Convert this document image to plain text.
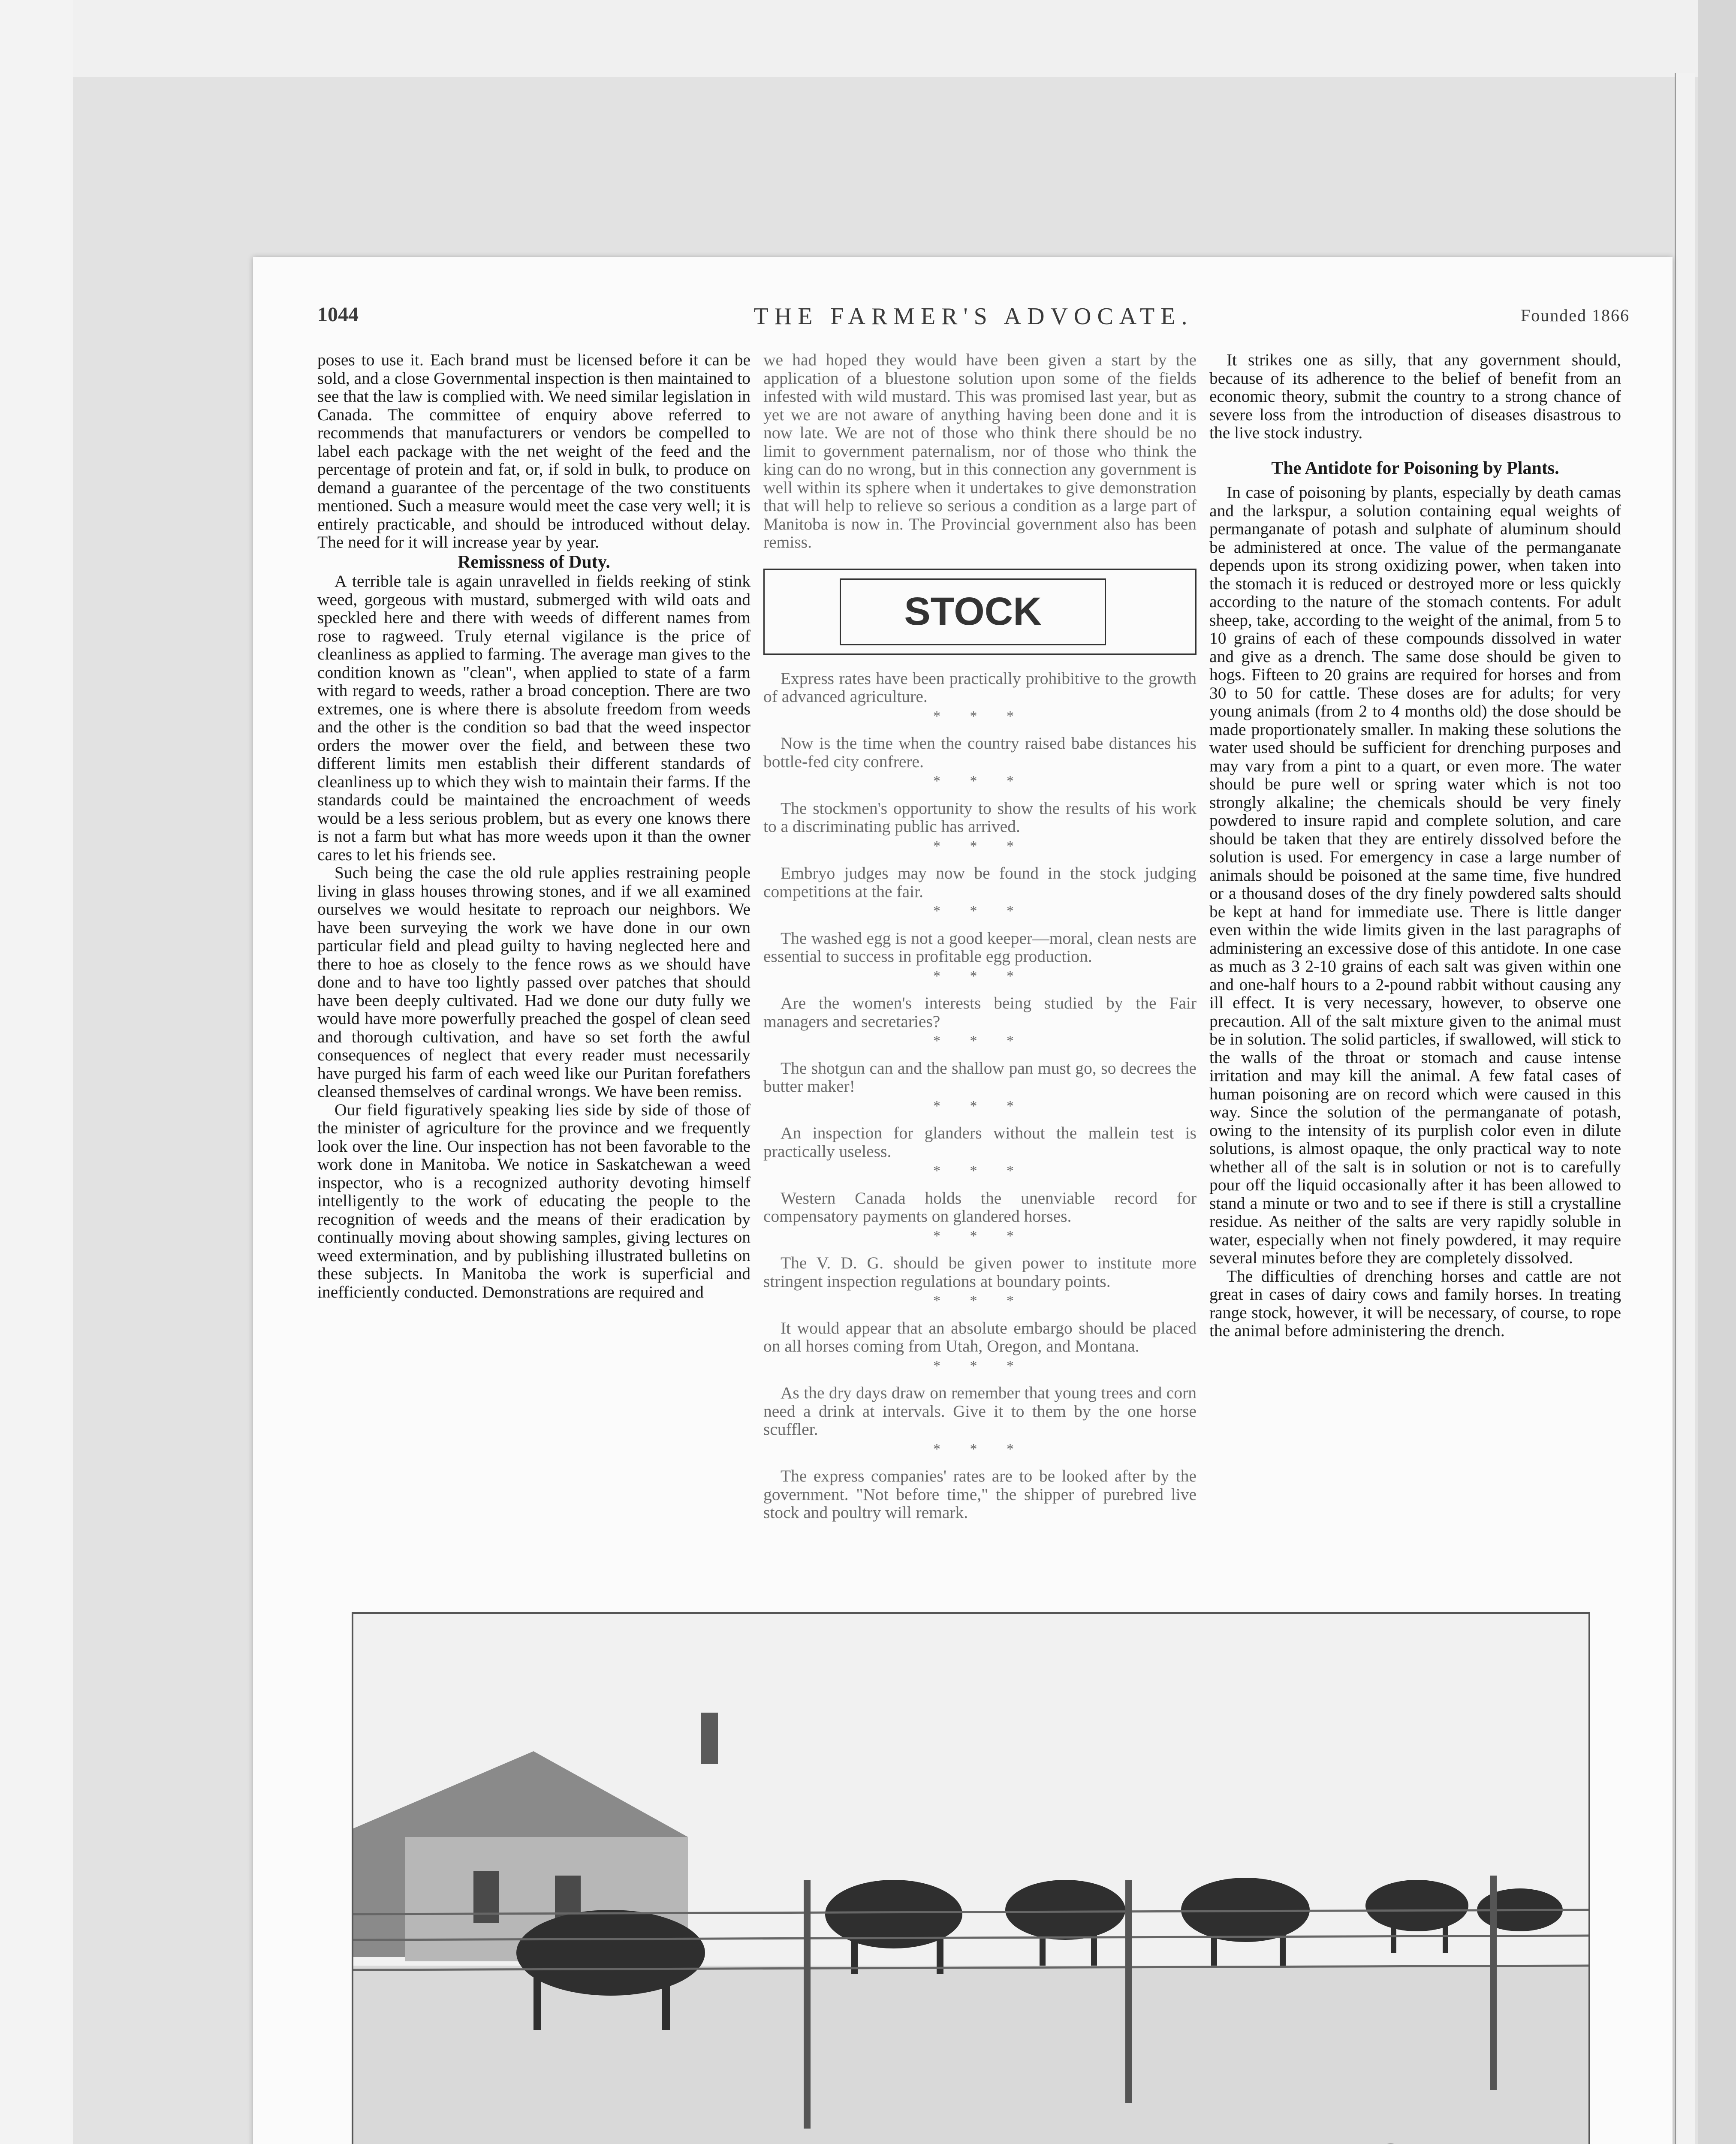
1044	THE FARMER'S ADVOCATE.	Founded 1866

poses to use it. Each brand must be licensed before it can be sold, and a close Governmental inspection is then maintained to see that the law is complied with. We need similar legislation in Canada. The committee of enquiry above referred to recommends that manufacturers or vendors be compelled to label each package with the net weight of the feed and the percentage of protein and fat, or, if sold in bulk, to produce on demand a guarantee of the percentage of the two constituents mentioned. Such a measure would meet the case very well; it is entirely practicable, and should be introduced without delay. The need for it will increase year by year.

Remissness of Duty.

A terrible tale is again unravelled in fields reeking of stink weed, gorgeous with mustard, submerged with wild oats and speckled here and there with weeds of different names from rose to ragweed. Truly eternal vigilance is the price of cleanliness as applied to farming. The average man gives to the condition known as "clean", when applied to state of a farm with regard to weeds, rather a broad conception. There are two extremes, one is where there is absolute freedom from weeds and the other is the condition so bad that the weed inspector orders the mower over the field, and between these two different limits men establish their different standards of cleanliness up to which they wish to maintain their farms. If the standards could be maintained the encroachment of weeds would be a less serious problem, but as every one knows there is not a farm but what has more weeds upon it than the owner cares to let his friends see.

Such being the case the old rule applies restraining people living in glass houses throwing stones, and if we all examined ourselves we would hesitate to reproach our neighbors. We have been surveying the work we have done in our own particular field and plead guilty to having neglected here and there to hoe as closely to the fence rows as we should have done and to have too lightly passed over patches that should have been deeply cultivated. Had we done our duty fully we would have more powerfully preached the gospel of clean seed and thorough cultivation, and have so set forth the awful consequences of neglect that every reader must necessarily have purged his farm of each weed like our Puritan forefathers cleansed themselves of cardinal wrongs. We have been remiss.

Our field figuratively speaking lies side by side of those of the minister of agriculture for the province and we frequently look over the line. Our inspection has not been favorable to the work done in Manitoba. We notice in Saskatchewan a weed inspector, who is a recognized authority devoting himself intelligently to the work of educating the people to the recognition of weeds and the means of their eradication by continually moving about showing samples, giving lectures on weed extermination, and by publishing illustrated bulletins on these subjects. In Manitoba the work is superficial and inefficiently conducted. Demonstrations are required and

we had hoped they would have been given a start by the application of a bluestone solution upon some of the fields infested with wild mustard. This was promised last year, but as yet we are not aware of anything having been done and it is now late. We are not of those who think there should be no limit to government paternalism, nor of those who think the king can do no wrong, but in this connection any government is well within its sphere when it undertakes to give demonstration that will help to relieve so serious a condition as a large part of Manitoba is now in. The Provincial government also has been remiss.

STOCK

Express rates have been practically prohibitive to the growth of advanced agriculture.

* * *

Now is the time when the country raised babe distances his bottle-fed city confrere.

* * *

The stockmen's opportunity to show the results of his work to a discriminating public has arrived.

* * *

Embryo judges may now be found in the stock judging competitions at the fair.

* * *

The washed egg is not a good keeper—moral, clean nests are essential to success in profitable egg production.

* * *

Are the women's interests being studied by the Fair managers and secretaries?

* * *

The shotgun can and the shallow pan must go, so decrees the butter maker!

* * *

An inspection for glanders without the mallein test is practically useless.

* * *

Western Canada holds the unenviable record for compensatory payments on glandered horses.

* * *

The V. D. G. should be given power to institute more stringent inspection regulations at boundary points.

* * *

It would appear that an absolute embargo should be placed on all horses coming from Utah, Oregon, and Montana.

* * *

As the dry days draw on remember that young trees and corn need a drink at intervals. Give it to them by the one horse scuffler.

* * *

The express companies' rates are to be looked after by the government. "Not before time," the shipper of purebred live stock and poultry will remark.

It strikes one as silly, that any government should, because of its adherence to the belief of benefit from an economic theory, submit the country to a strong chance of severe loss from the introduction of diseases disastrous to the live stock industry.

The Antidote for Poisoning by Plants.

In case of poisoning by plants, especially by death camas and the larkspur, a solution containing equal weights of permanganate of potash and sulphate of aluminum should be administered at once. The value of the permanganate depends upon its strong oxidizing power, when taken into the stomach it is reduced or destroyed more or less quickly according to the nature of the stomach contents. For adult sheep, take, according to the weight of the animal, from 5 to 10 grains of each of these compounds dissolved in water and give as a drench. The same dose should be given to hogs. Fifteen to 20 grains are required for horses and from 30 to 50 for cattle. These doses are for adults; for very young animals (from 2 to 4 months old) the dose should be made proportionately smaller. In making these solutions the water used should be sufficient for drenching purposes and may vary from a pint to a quart, or even more. The water should be pure well or spring water which is not too strongly alkaline; the chemicals should be very finely powdered to insure rapid and complete solution, and care should be taken that they are entirely dissolved before the solution is used. For emergency in case a large number of animals should be poisoned at the same time, five hundred or a thousand doses of the dry finely powdered salts should be kept at hand for immediate use. There is little danger even within the wide limits given in the last paragraphs of administering an excessive dose of this antidote. In one case as much as 3 2-10 grains of each salt was given within one and one-half hours to a 2-pound rabbit without causing any ill effect. It is very necessary, however, to observe one precaution. All of the salt mixture given to the animal must be in solution. The solid particles, if swallowed, will stick to the walls of the throat or stomach and cause intense irritation and may kill the animal. A few fatal cases of human poisoning are on record which were caused in this way. Since the solution of the permanganate of potash, owing to the intensity of its purplish color even in dilute solutions, is almost opaque, the only practical way to note whether all of the salt is in solution or not is to carefully pour off the liquid occasionally after it has been allowed to stand a minute or two and to see if there is still a crystalline residue. As neither of the salts are very rapidly soluble in water, especially when not finely powdered, it may require several minutes before they are completely dissolved.

The difficulties of drenching horses and cattle are not great in cases of dairy cows and family horses. In treating range stock, however, it will be necessary, of course, to rope the animal before administering the drench.
